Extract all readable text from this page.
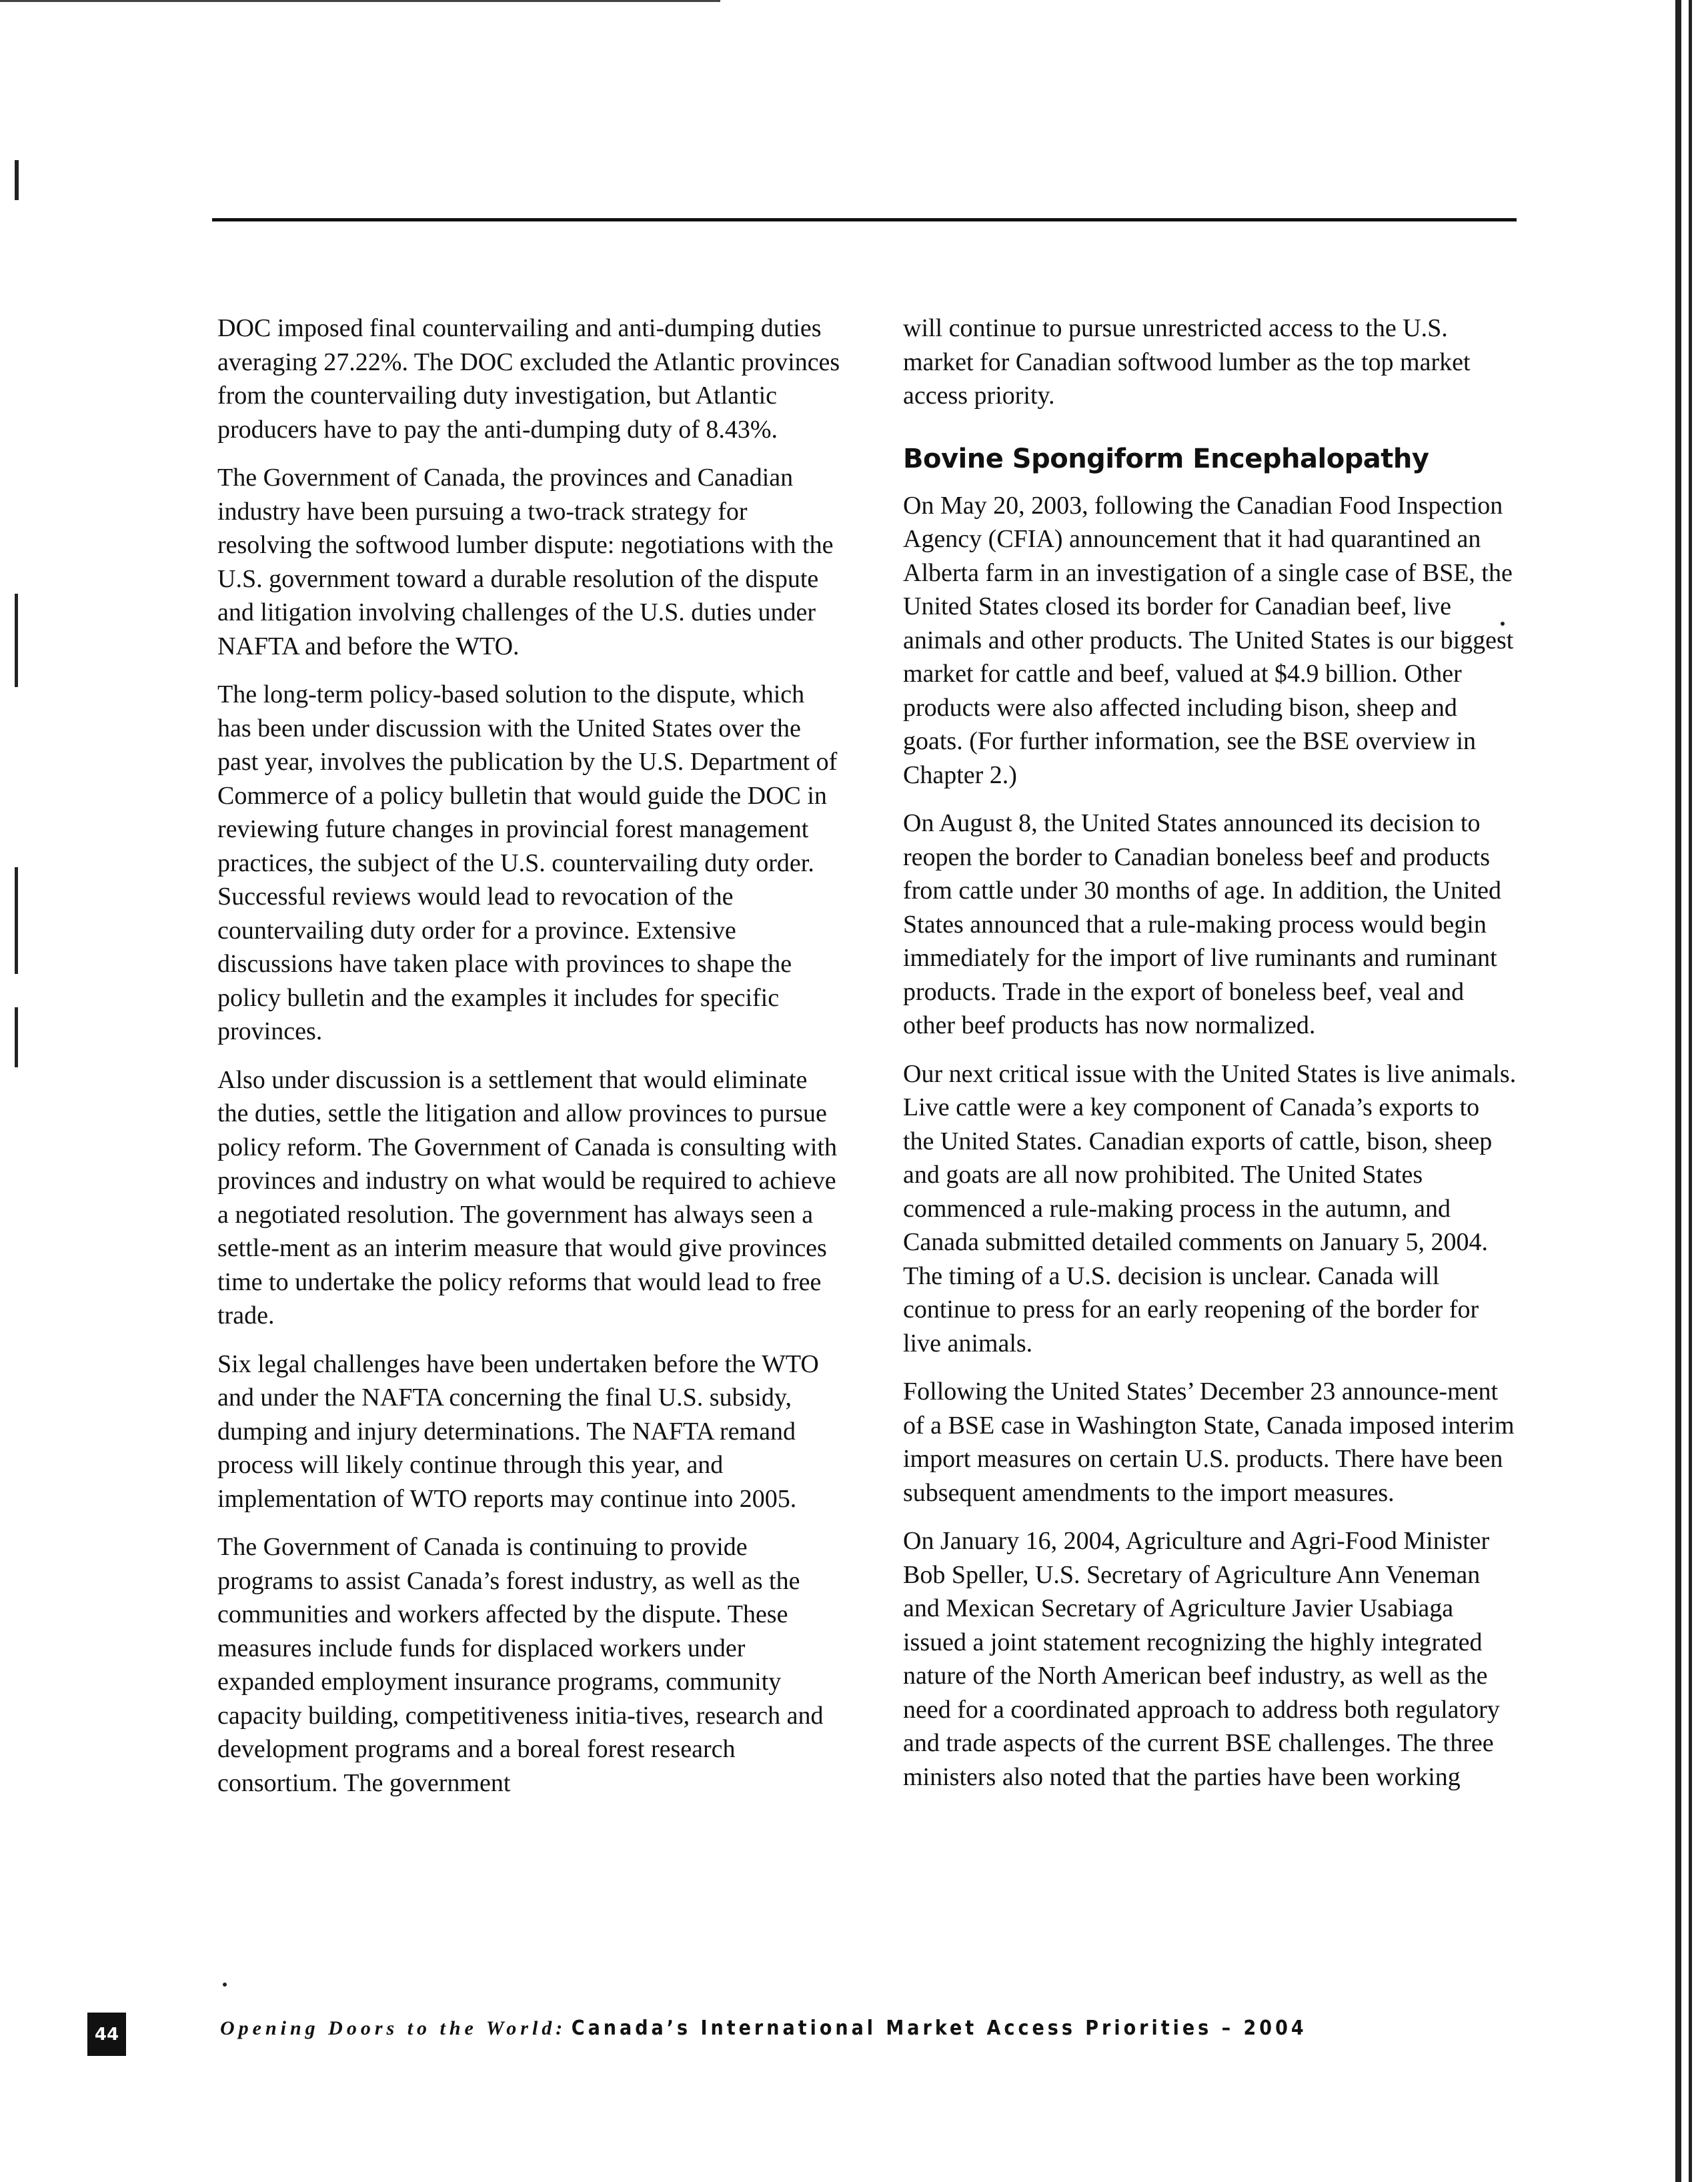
DOC imposed final countervailing and anti-dumping duties averaging 27.22%. The DOC excluded the Atlantic provinces from the countervailing duty investigation, but Atlantic producers have to pay the anti-dumping duty of 8.43%.

The Government of Canada, the provinces and Canadian industry have been pursuing a two-track strategy for resolving the softwood lumber dispute: negotiations with the U.S. government toward a durable resolution of the dispute and litigation involving challenges of the U.S. duties under NAFTA and before the WTO.

The long-term policy-based solution to the dispute, which has been under discussion with the United States over the past year, involves the publication by the U.S. Department of Commerce of a policy bulletin that would guide the DOC in reviewing future changes in provincial forest management practices, the subject of the U.S. countervailing duty order. Successful reviews would lead to revocation of the countervailing duty order for a province. Extensive discussions have taken place with provinces to shape the policy bulletin and the examples it includes for specific provinces.

Also under discussion is a settlement that would eliminate the duties, settle the litigation and allow provinces to pursue policy reform. The Government of Canada is consulting with provinces and industry on what would be required to achieve a negotiated resolution. The government has always seen a settle-ment as an interim measure that would give provinces time to undertake the policy reforms that would lead to free trade.

Six legal challenges have been undertaken before the WTO and under the NAFTA concerning the final U.S. subsidy, dumping and injury determinations. The NAFTA remand process will likely continue through this year, and implementation of WTO reports may continue into 2005.

The Government of Canada is continuing to provide programs to assist Canada’s forest industry, as well as the communities and workers affected by the dispute. These measures include funds for displaced workers under expanded employment insurance programs, community capacity building, competitiveness initia-tives, research and development programs and a boreal forest research consortium. The government

will continue to pursue unrestricted access to the U.S. market for Canadian softwood lumber as the top market access priority.

Bovine Spongiform Encephalopathy

On May 20, 2003, following the Canadian Food Inspection Agency (CFIA) announcement that it had quarantined an Alberta farm in an investigation of a single case of BSE, the United States closed its border for Canadian beef, live animals and other products. The United States is our biggest market for cattle and beef, valued at $4.9 billion. Other products were also affected including bison, sheep and goats. (For further information, see the BSE overview in Chapter 2.)

On August 8, the United States announced its decision to reopen the border to Canadian boneless beef and products from cattle under 30 months of age. In addition, the United States announced that a rule-making process would begin immediately for the import of live ruminants and ruminant products. Trade in the export of boneless beef, veal and other beef products has now normalized.

Our next critical issue with the United States is live animals. Live cattle were a key component of Canada’s exports to the United States. Canadian exports of cattle, bison, sheep and goats are all now prohibited. The United States commenced a rule-making process in the autumn, and Canada submitted detailed comments on January 5, 2004. The timing of a U.S. decision is unclear. Canada will continue to press for an early reopening of the border for live animals.

Following the United States’ December 23 announce-ment of a BSE case in Washington State, Canada imposed interim import measures on certain U.S. products. There have been subsequent amendments to the import measures.

On January 16, 2004, Agriculture and Agri-Food Minister Bob Speller, U.S. Secretary of Agriculture Ann Veneman and Mexican Secretary of Agriculture Javier Usabiaga issued a joint statement recognizing the highly integrated nature of the North American beef industry, as well as the need for a coordinated approach to address both regulatory and trade aspects of the current BSE challenges. The three ministers also noted that the parties have been working

44	Opening Doors to the World: Canada’s International Market Access Priorities – 2004
